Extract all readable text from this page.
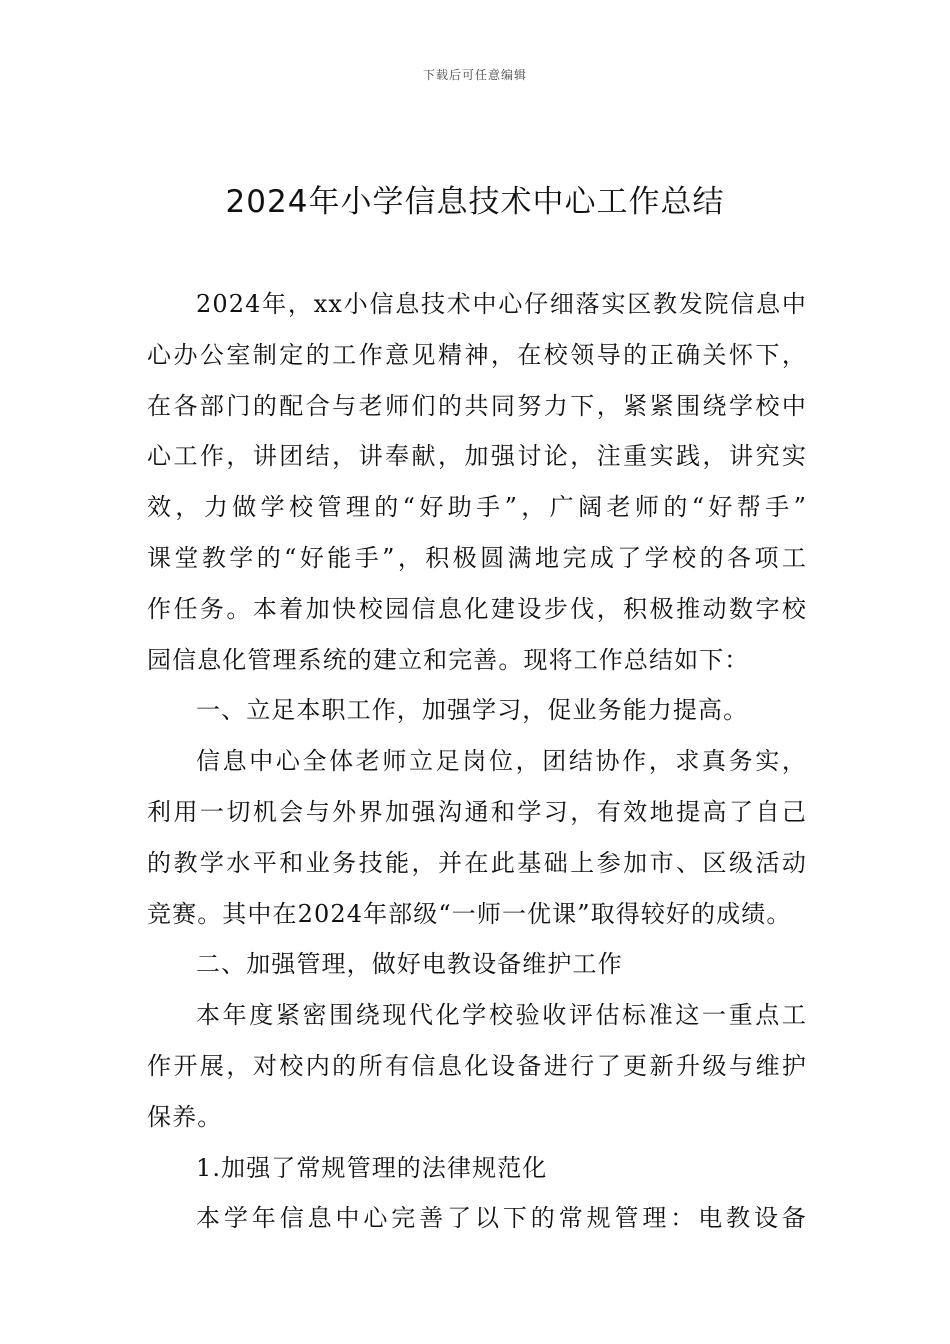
下载后可任意编辑
2024年小学信息技术中心工作总结

2024年，xx小信息技术中心仔细落实区教发院信息中
心办公室制定的工作意见精神，在校领导的正确关怀下，
在各部门的配合与老师们的共同努力下，紧紧围绕学校中
心工作，讲团结，讲奉献，加强讨论，注重实践，讲究实
效，力做学校管理的“好助手”，广阔老师的“好帮手”
课堂教学的“好能手”，积极圆满地完成了学校的各项工
作任务。本着加快校园信息化建设步伐，积极推动数字校
园信息化管理系统的建立和完善。现将工作总结如下：

一、立足本职工作，加强学习，促业务能力提高。

信息中心全体老师立足岗位，团结协作，求真务实，
利用一切机会与外界加强沟通和学习，有效地提高了自己
的教学水平和业务技能，并在此基础上参加市、区级活动
竞赛。其中在2024年部级“一师一优课”取得较好的成绩。

二、加强管理，做好电教设备维护工作

本年度紧密围绕现代化学校验收评估标准这一重点工
作开展，对校内的所有信息化设备进行了更新升级与维护
保养。

1.加强了常规管理的法律规范化

本学年信息中心完善了以下的常规管理：电教设备
